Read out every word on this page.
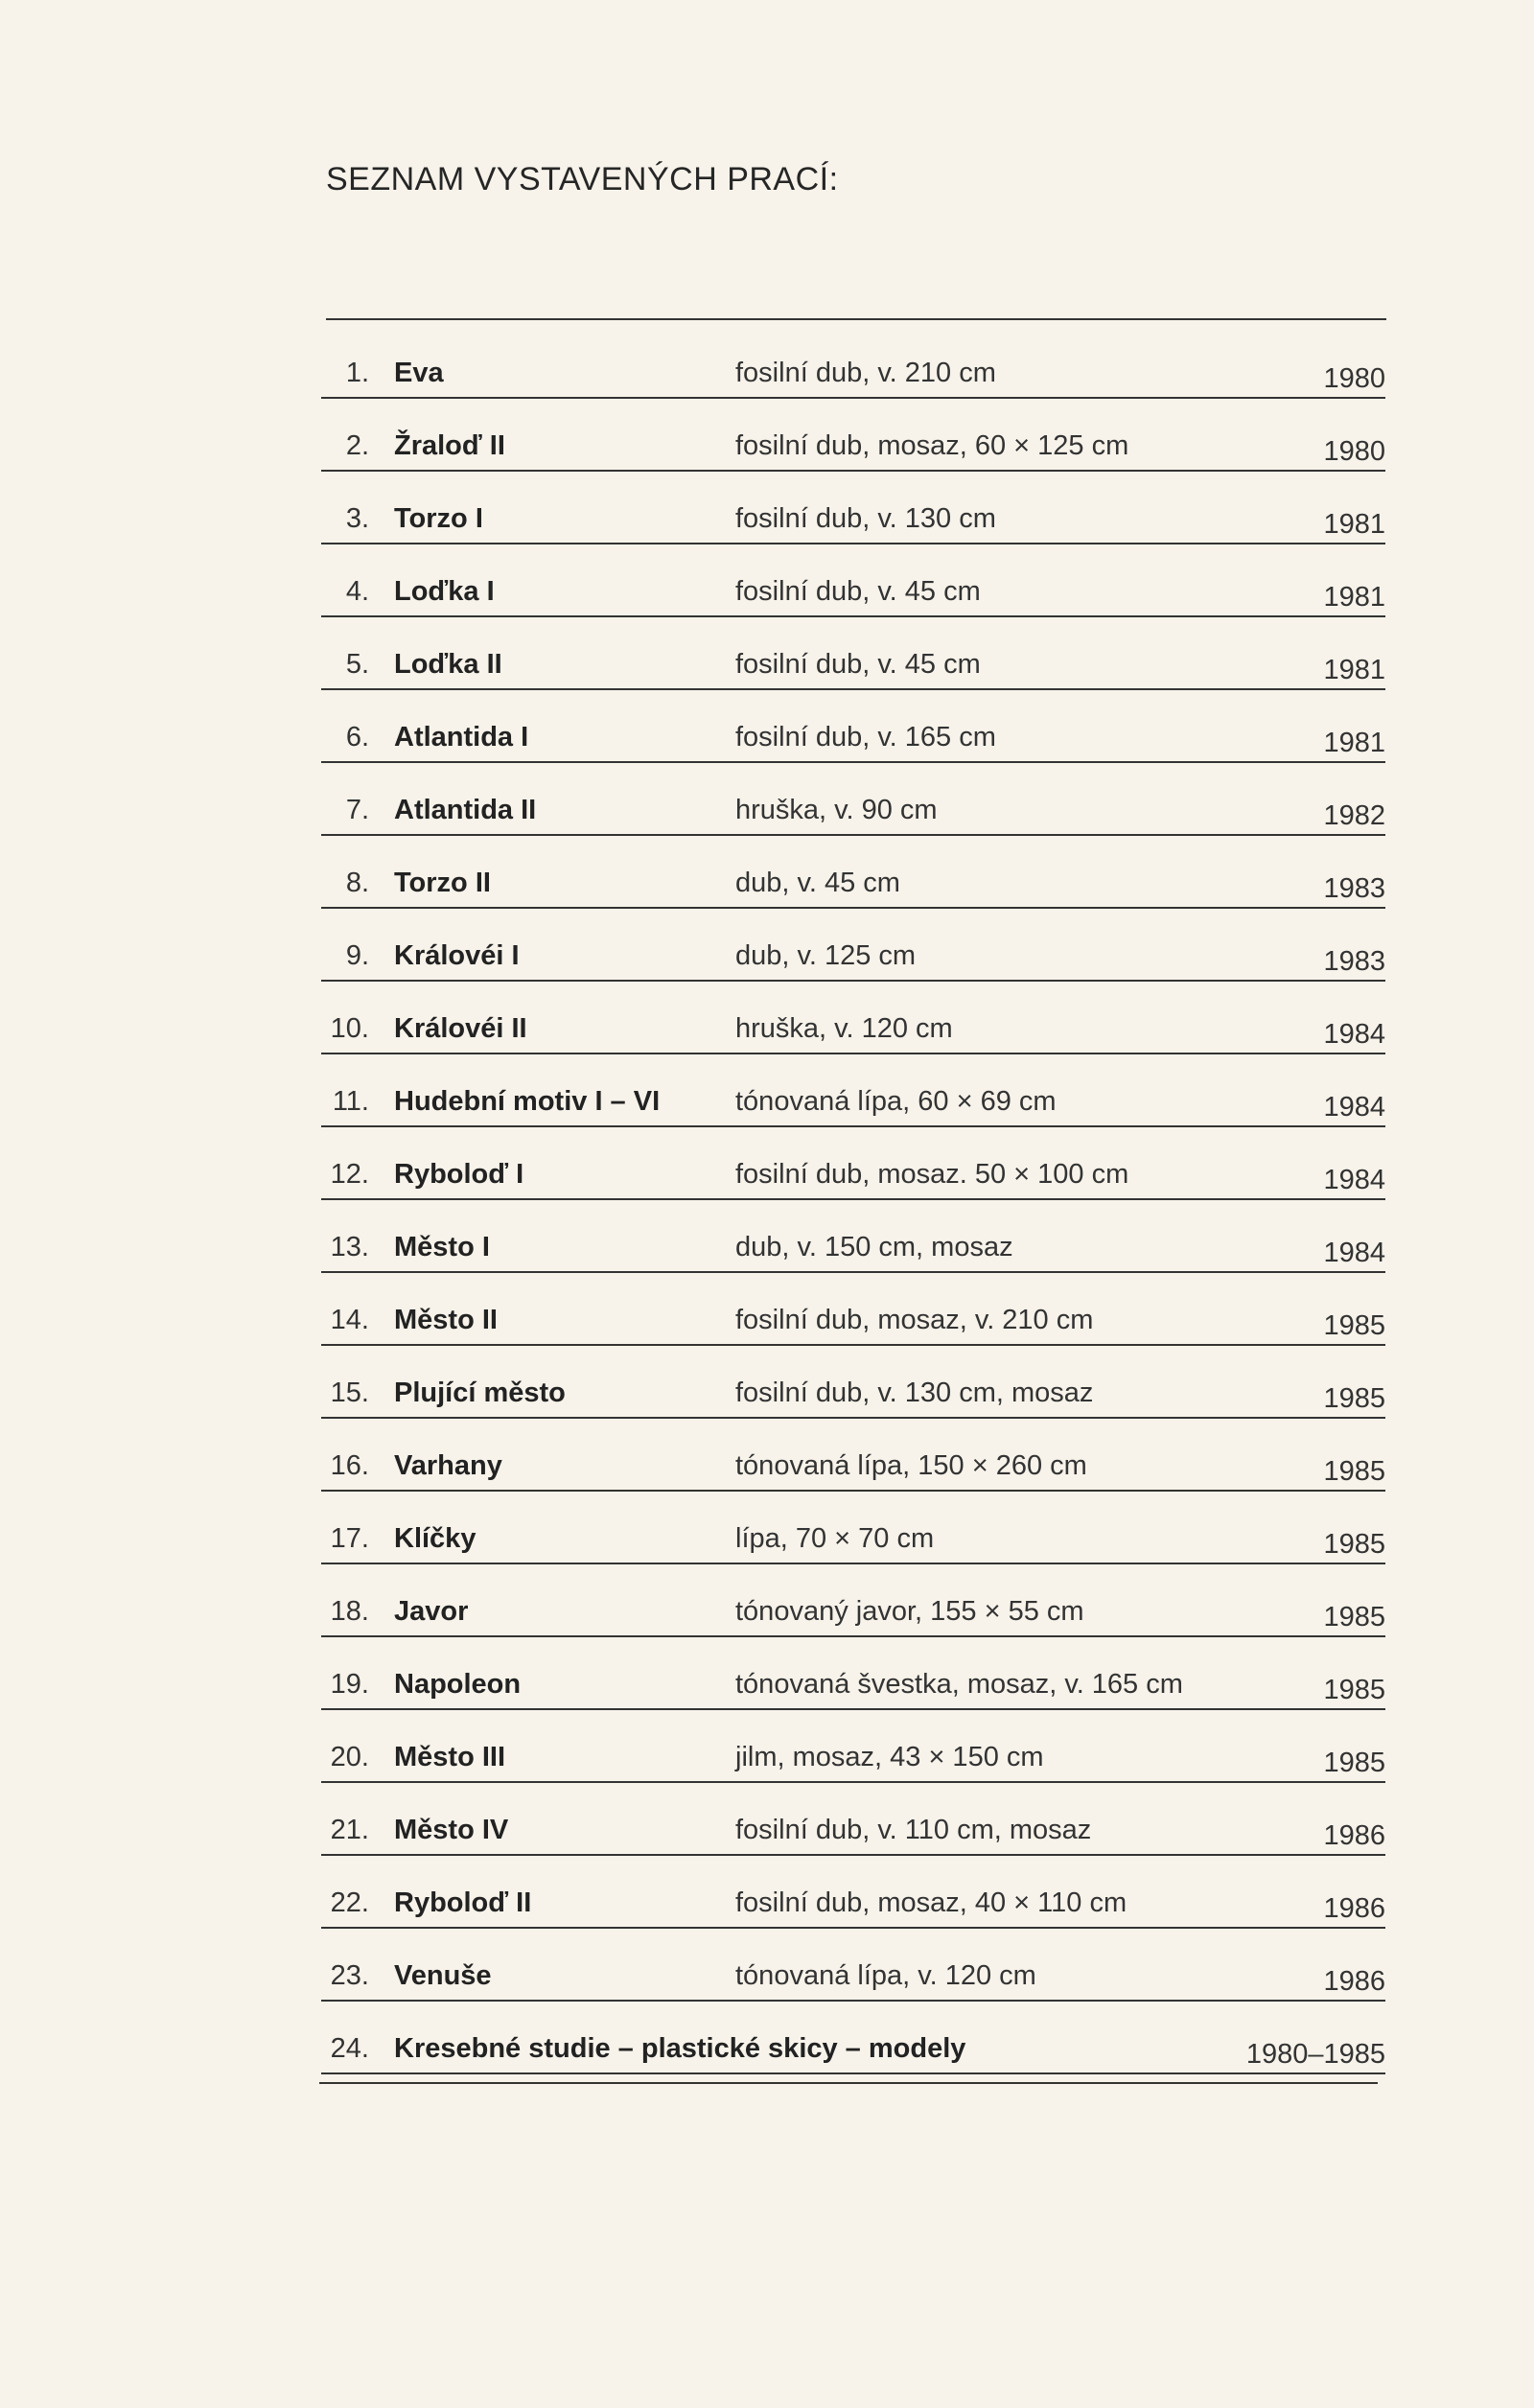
SEZNAM VYSTAVENÝCH PRACÍ:
1. Eva	fosilní dub, v. 210 cm	1980
2. Žraloď II	fosilní dub, mosaz, 60 × 125 cm	1980
3. Torzo I	fosilní dub, v. 130 cm	1981
4. Loďka I	fosilní dub, v. 45 cm	1981
5. Loďka II	fosilní dub, v. 45 cm	1981
6. Atlantida I	fosilní dub, v. 165 cm	1981
7. Atlantida II	hruška, v. 90 cm	1982
8. Torzo II	dub, v. 45 cm	1983
9. Královéi I	dub, v. 125 cm	1983
10. Královéi II	hruška, v. 120 cm	1984
11. Hudební motiv I – VI	tónovaná lípa, 60 × 69 cm	1984
12. Ryboloď I	fosilní dub, mosaz. 50 × 100 cm	1984
13. Město I	dub, v. 150 cm, mosaz	1984
14. Město II	fosilní dub, mosaz, v. 210 cm	1985
15. Plující město	fosilní dub, v. 130 cm, mosaz	1985
16. Varhany	tónovaná lípa, 150 × 260 cm	1985
17. Klíčky	lípa, 70 × 70 cm	1985
18. Javor	tónovaný javor, 155 × 55 cm	1985
19. Napoleon	tónovaná švestka, mosaz, v. 165 cm	1985
20. Město III	jilm, mosaz, 43 × 150 cm	1985
21. Město IV	fosilní dub, v. 110 cm, mosaz	1986
22. Ryboloď II	fosilní dub, mosaz, 40 × 110 cm	1986
23. Venuše	tónovaná lípa, v. 120 cm	1986
24. Kresebné studie – plastické skicy – modely	1980–1985
